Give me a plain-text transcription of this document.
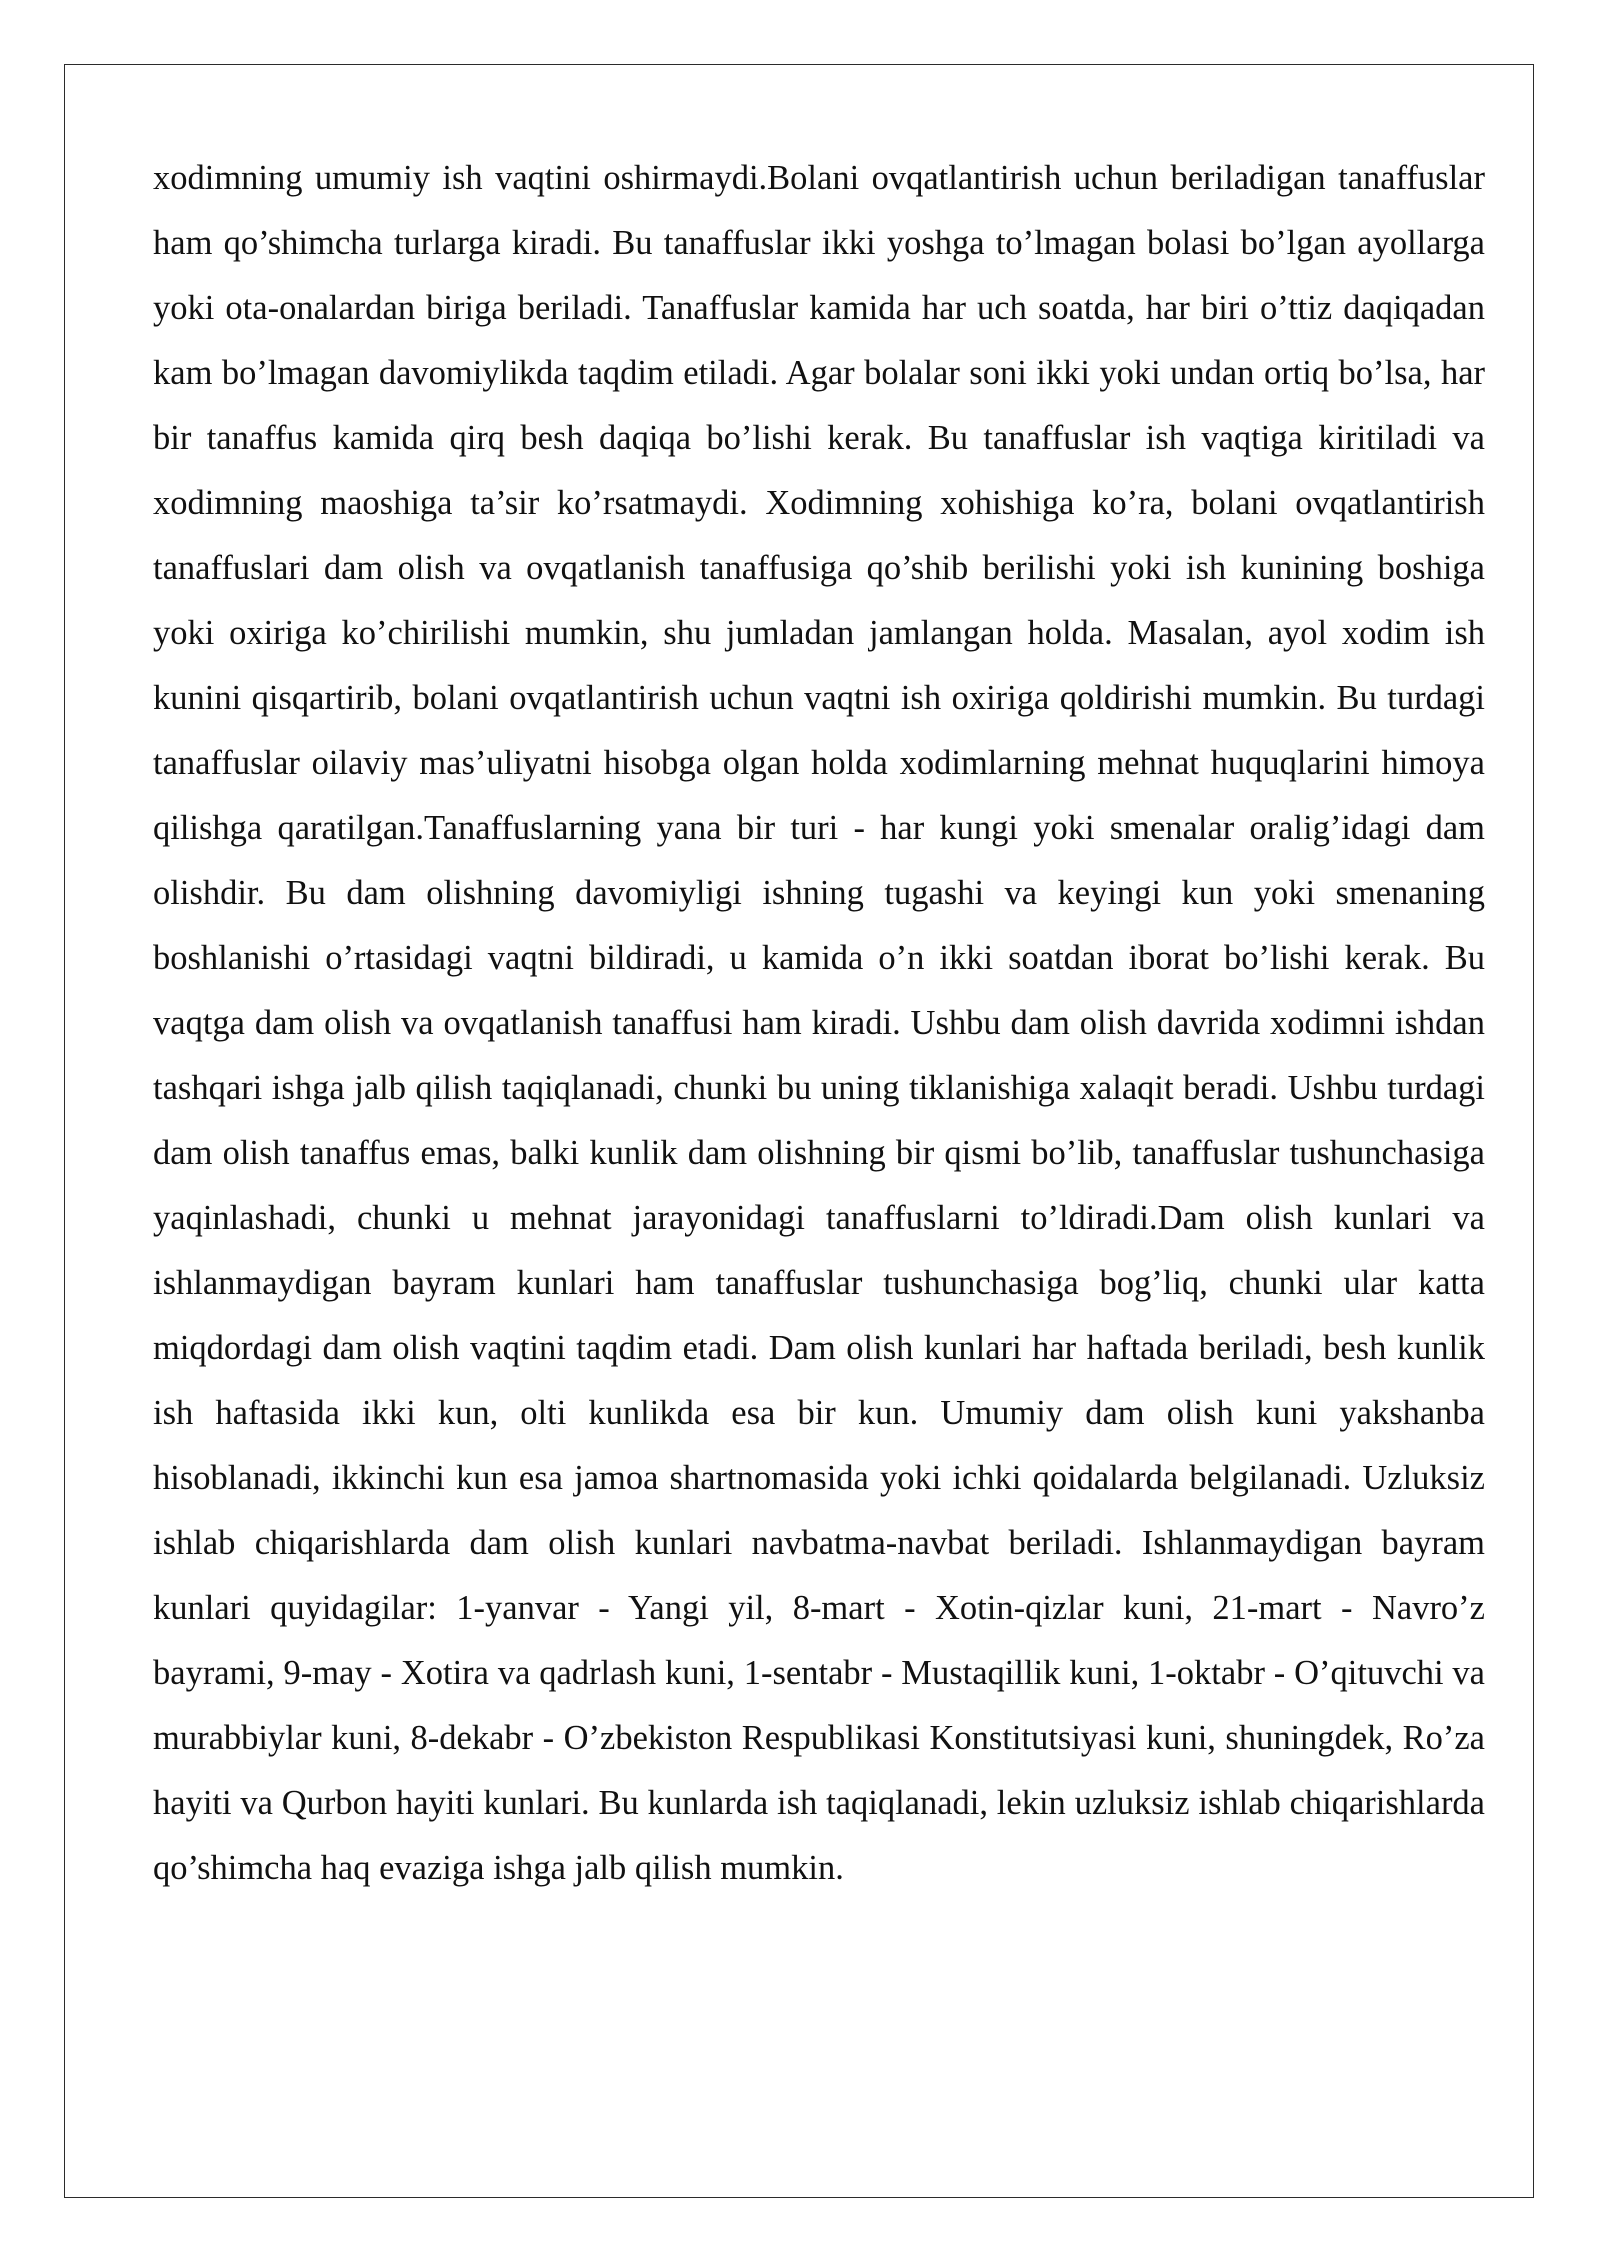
xodimning umumiy ish vaqtini oshirmaydi.Bolani ovqatlantirish uchun beriladigan tanaffuslar ham qo’shimcha turlarga kiradi. Bu tanaffuslar ikki yoshga to’lmagan bolasi bo’lgan ayollarga yoki ota-onalardan biriga beriladi. Tanaffuslar kamida har uch soatda, har biri o’ttiz daqiqadan kam bo’lmagan davomiylikda taqdim etiladi. Agar bolalar soni ikki yoki undan ortiq bo’lsa, har bir tanaffus kamida qirq besh daqiqa bo’lishi kerak. Bu tanaffuslar ish vaqtiga kiritiladi va xodimning maoshiga ta’sir ko’rsatmaydi. Xodimning xohishiga ko’ra, bolani ovqatlantirish tanaffuslari dam olish va ovqatlanish tanaffusiga qo’shib berilishi yoki ish kunining boshiga yoki oxiriga ko’chirilishi mumkin, shu jumladan jamlangan holda. Masalan, ayol xodim ish kunini qisqartirib, bolani ovqatlantirish uchun vaqtni ish oxiriga qoldirishi mumkin. Bu turdagi tanaffuslar oilaviy mas’uliyatni hisobga olgan holda xodimlarning mehnat huquqlarini himoya qilishga qaratilgan.Tanaffuslarning yana bir turi - har kungi yoki smenalar oralig’idagi dam olishdir. Bu dam olishning davomiyligi ishning tugashi va keyingi kun yoki smenaning boshlanishi o’rtasidagi vaqtni bildiradi, u kamida o’n ikki soatdan iborat bo’lishi kerak. Bu vaqtga dam olish va ovqatlanish tanaffusi ham kiradi. Ushbu dam olish davrida xodimni ishdan tashqari ishga jalb qilish taqiqlanadi, chunki bu uning tiklanishiga xalaqit beradi. Ushbu turdagi dam olish tanaffus emas, balki kunlik dam olishning bir qismi bo’lib, tanaffuslar tushunchasiga yaqinlashadi, chunki u mehnat jarayonidagi tanaffuslarni to’ldiradi.Dam olish kunlari va ishlanmaydigan bayram kunlari ham tanaffuslar tushunchasiga bog’liq, chunki ular katta miqdordagi dam olish vaqtini taqdim etadi. Dam olish kunlari har haftada beriladi, besh kunlik ish haftasida ikki kun, olti kunlikda esa bir kun. Umumiy dam olish kuni yakshanba hisoblanadi, ikkinchi kun esa jamoa shartnomasida yoki ichki qoidalarda belgilanadi. Uzluksiz ishlab chiqarishlarda dam olish kunlari navbatma-navbat beriladi. Ishlanmaydigan bayram kunlari quyidagilar: 1-yanvar - Yangi yil, 8-mart - Xotin-qizlar kuni, 21-mart - Navro’z bayrami, 9-may - Xotira va qadrlash kuni, 1-sentabr - Mustaqillik kuni, 1-oktabr - O’qituvchi va murabbiylar kuni, 8-dekabr - O’zbekiston Respublikasi Konstitutsiyasi kuni, shuningdek, Ro’za hayiti va Qurbon hayiti kunlari. Bu kunlarda ish taqiqlanadi, lekin uzluksiz ishlab chiqarishlarda qo’shimcha haq evaziga ishga jalb qilish mumkin.
